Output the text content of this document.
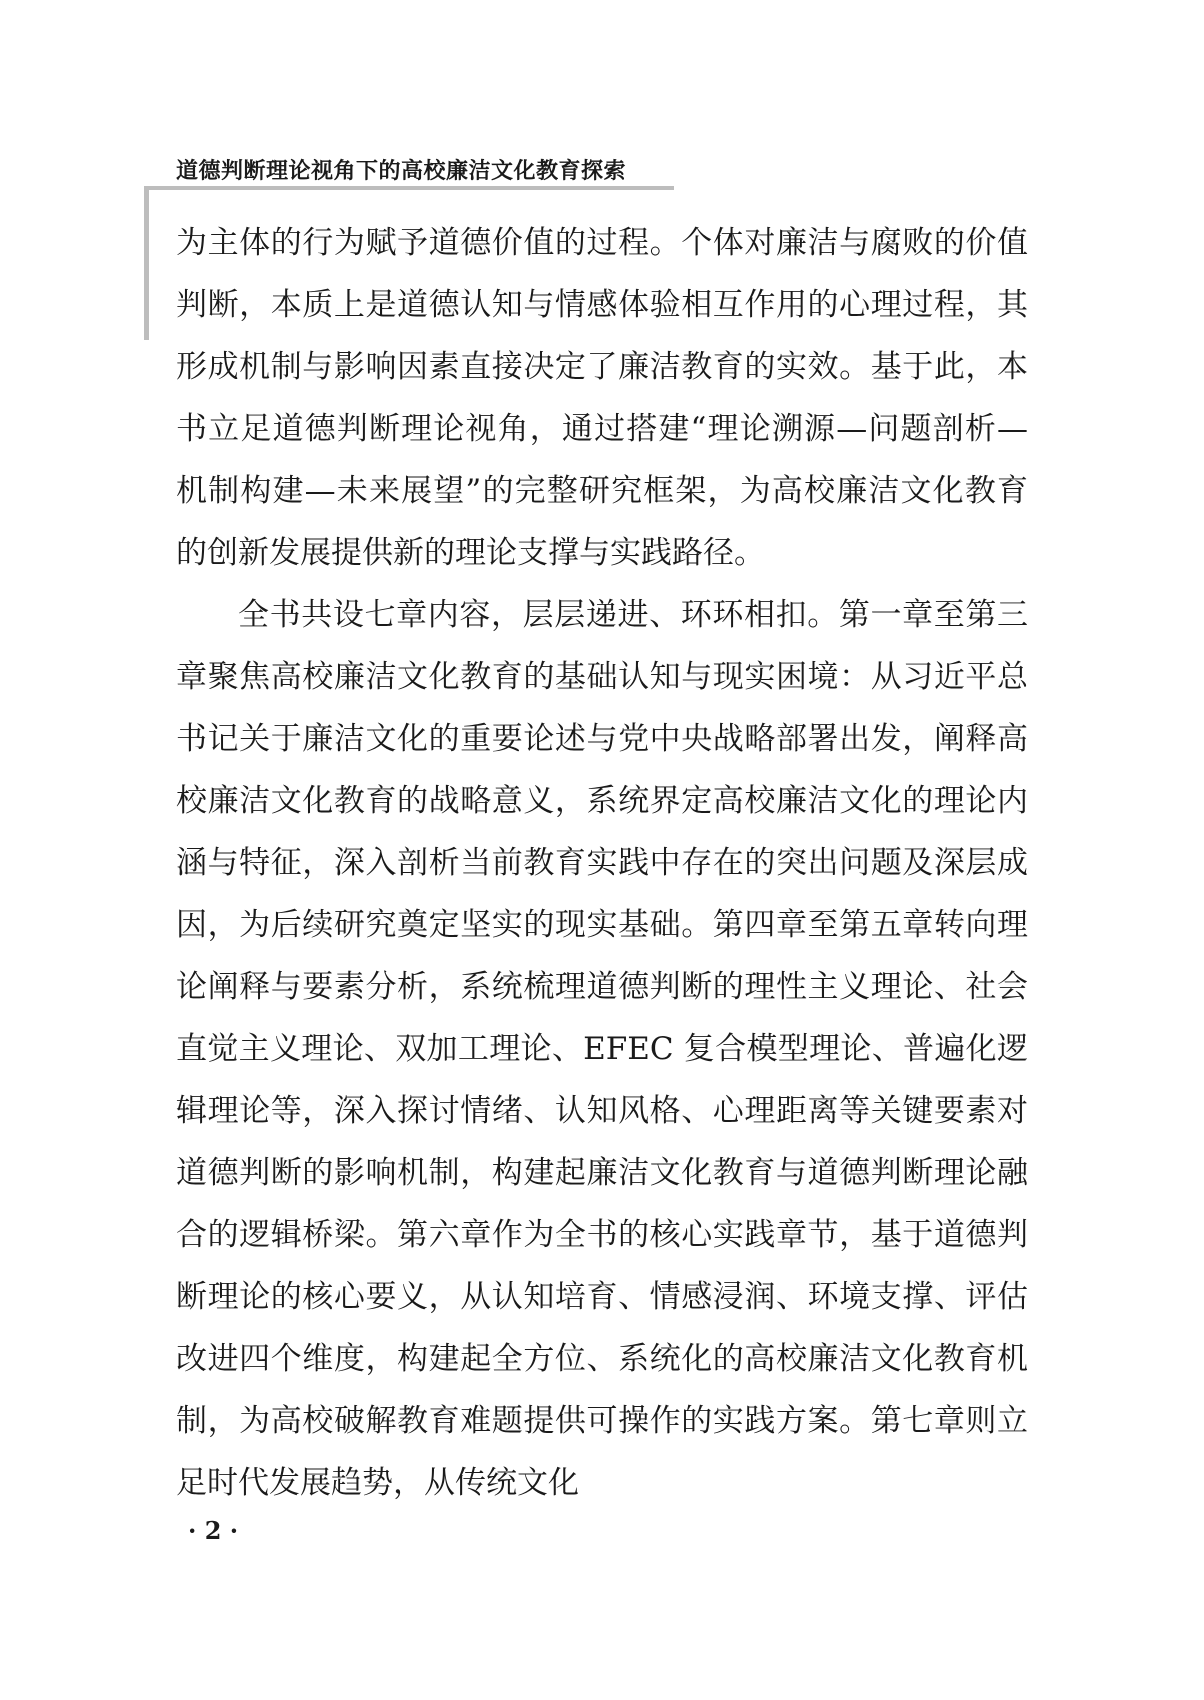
道德判断理论视角下的高校廉洁文化教育探索

为主体的行为赋予道德价值的过程。个体对廉洁与腐败的价值判断，本质上是道德认知与情感体验相互作用的心理过程，其形成机制与影响因素直接决定了廉洁教育的实效。基于此，本书立足道德判断理论视角，通过搭建“理论溯源—问题剖析—机制构建—未来展望”的完整研究框架，为高校廉洁文化教育的创新发展提供新的理论支撑与实践路径。

全书共设七章内容，层层递进、环环相扣。第一章至第三章聚焦高校廉洁文化教育的基础认知与现实困境：从习近平总书记关于廉洁文化的重要论述与党中央战略部署出发，阐释高校廉洁文化教育的战略意义，系统界定高校廉洁文化的理论内涵与特征，深入剖析当前教育实践中存在的突出问题及深层成因，为后续研究奠定坚实的现实基础。第四章至第五章转向理论阐释与要素分析，系统梳理道德判断的理性主义理论、社会直觉主义理论、双加工理论、EFEC 复合模型理论、普遍化逻辑理论等，深入探讨情绪、认知风格、心理距离等关键要素对道德判断的影响机制，构建起廉洁文化教育与道德判断理论融合的逻辑桥梁。第六章作为全书的核心实践章节，基于道德判断理论的核心要义，从认知培育、情感浸润、环境支撑、评估改进四个维度，构建起全方位、系统化的高校廉洁文化教育机制，为高校破解教育难题提供可操作的实践方案。第七章则立足时代发展趋势，从传统文化

· 2 ·
